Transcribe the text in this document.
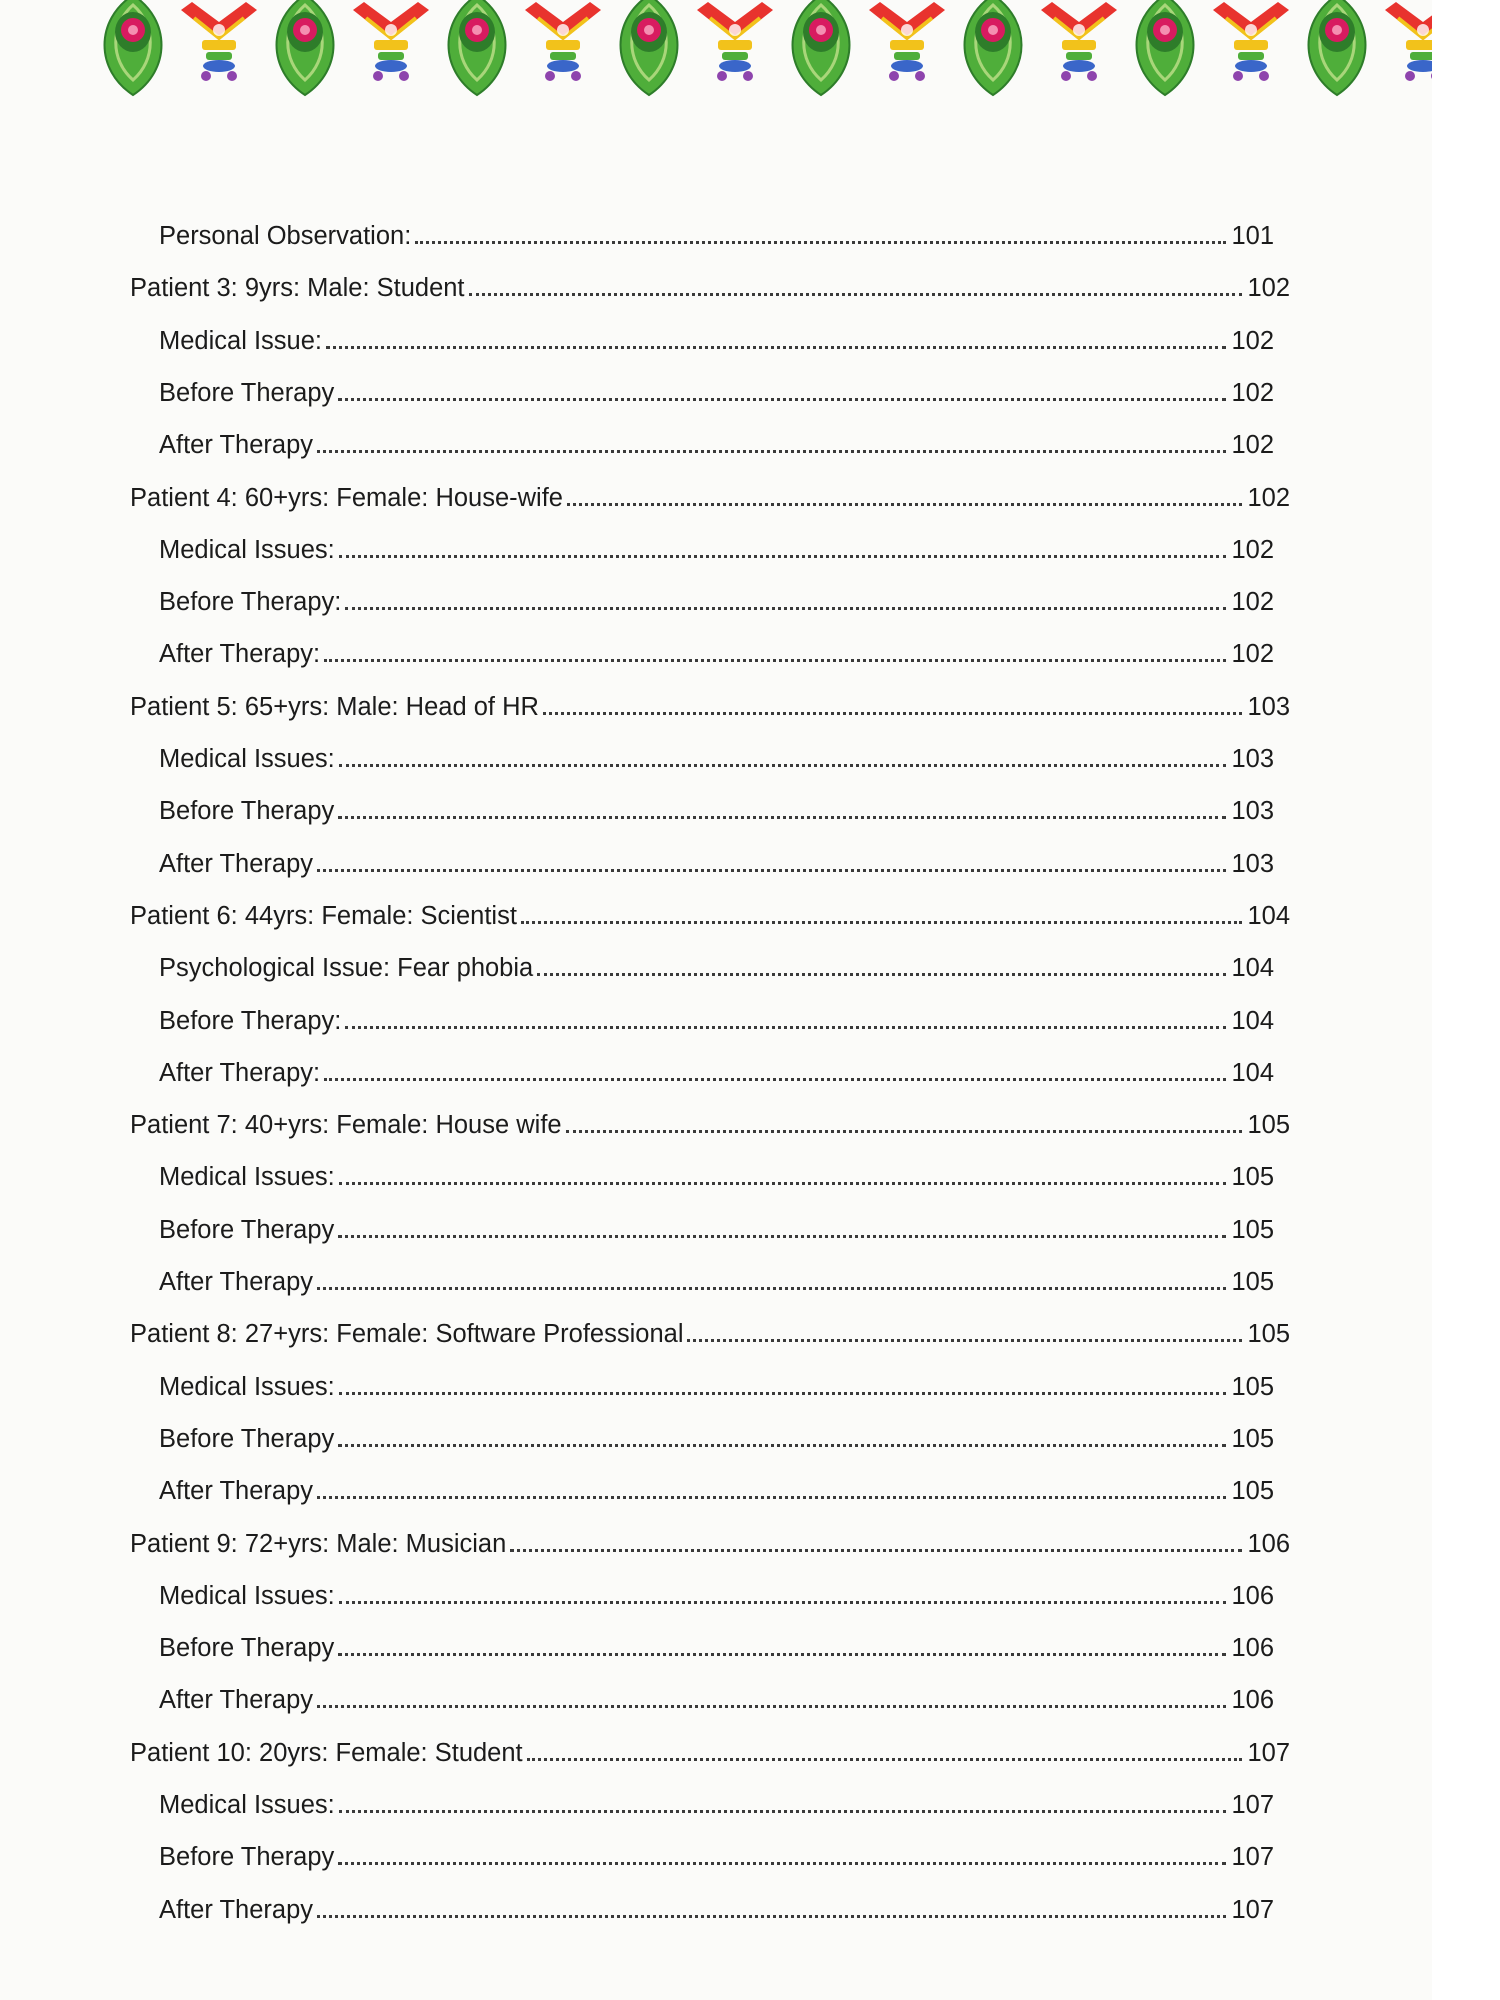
Personal Observation:	101
Patient 3: 9yrs: Male: Student	102
Medical Issue:	102
Before Therapy	102
After Therapy	102
Patient 4: 60+yrs: Female: House-wife	102
Medical Issues:	102
Before Therapy:	102
After Therapy:	102
Patient 5: 65+yrs: Male: Head of HR	103
Medical Issues:	103
Before Therapy	103
After Therapy	103
Patient 6: 44yrs: Female: Scientist	104
Psychological Issue: Fear phobia	104
Before Therapy:	104
After Therapy:	104
Patient 7: 40+yrs: Female: House wife	105
Medical Issues:	105
Before Therapy	105
After Therapy	105
Patient 8: 27+yrs: Female: Software Professional	105
Medical Issues:	105
Before Therapy	105
After Therapy	105
Patient 9: 72+yrs: Male: Musician	106
Medical Issues:	106
Before Therapy	106
After Therapy	106
Patient 10: 20yrs: Female: Student	107
Medical Issues:	107
Before Therapy	107
After Therapy	107
